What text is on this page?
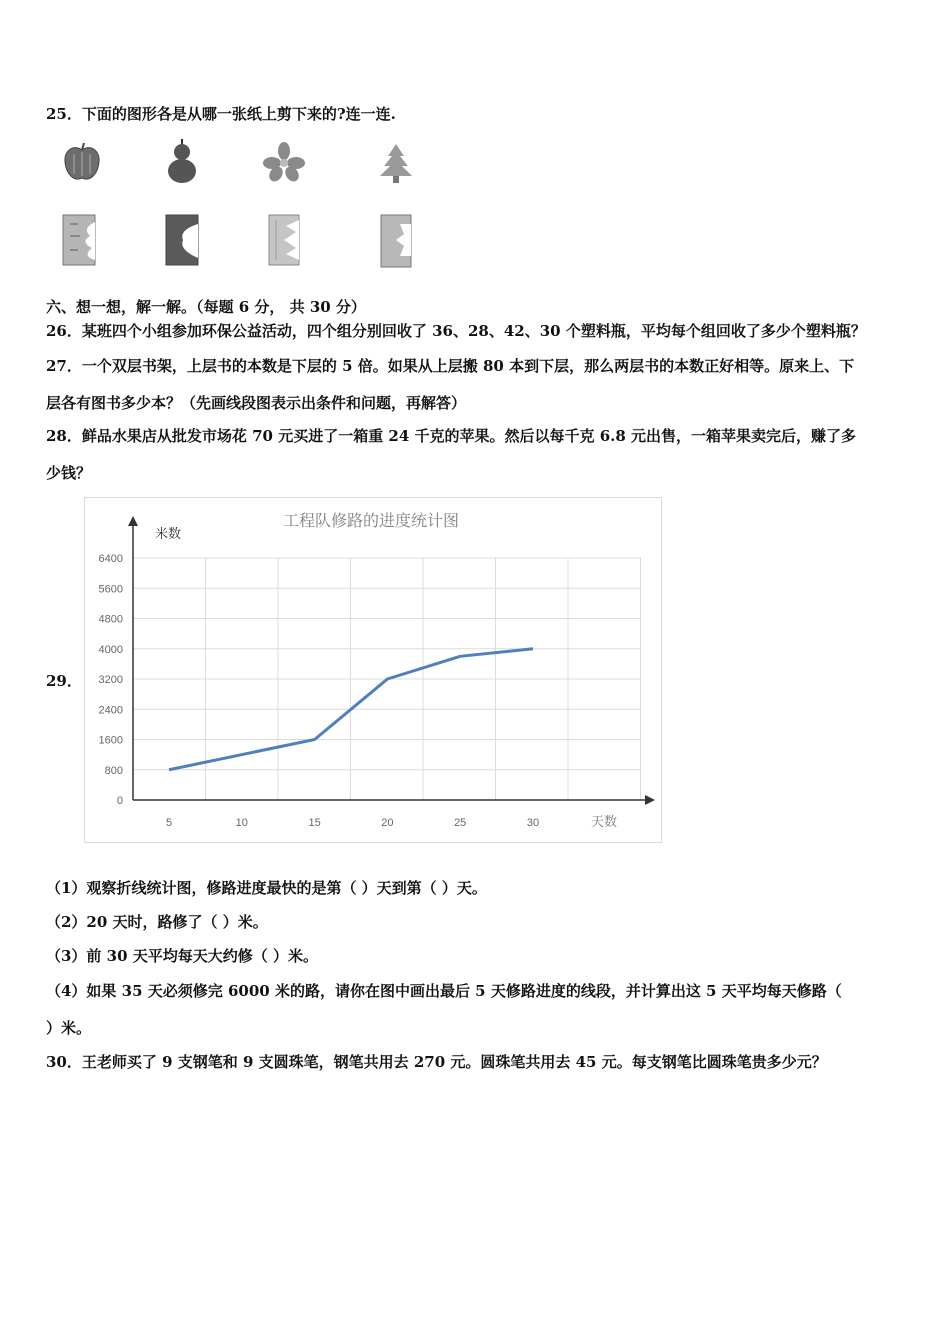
25．下面的图形各是从哪一张纸上剪下来的?连一连.
六、想一想，解一解。（每题 6 分， 共 30 分）
26．某班四个小组参加环保公益活动，四个组分别回收了 36、28、42、30 个塑料瓶，平均每个组回收了多少个塑料瓶？
27．一个双层书架，上层书的本数是下层的 5 倍。如果从上层搬 80 本到下层，那么两层书的本数正好相等。原来上、下
层各有图书多少本？（先画线段图表示出条件和问题，再解答）
28．鲜品水果店从批发市场花 70 元买进了一箱重 24 千克的苹果。然后以每千克 6.8 元出售，一箱苹果卖完后，赚了多
少钱？
29．
工程队修路的进度统计图
米数
天数
0
800
1600
2400
3200
4000
4800
5600
6400
5	10	15	20	25	30
（1）观察折线统计图，修路进度最快的是第（ ）天到第（ ）天。
（2）20 天时，路修了（ ）米。
（3）前 30 天平均每天大约修（ ）米。
（4）如果 35 天必须修完 6000 米的路，请你在图中画出最后 5 天修路进度的线段，并计算出这 5 天平均每天修路（
）米。
30．王老师买了 9 支钢笔和 9 支圆珠笔，钢笔共用去 270 元。圆珠笔共用去 45 元。每支钢笔比圆珠笔贵多少元？
